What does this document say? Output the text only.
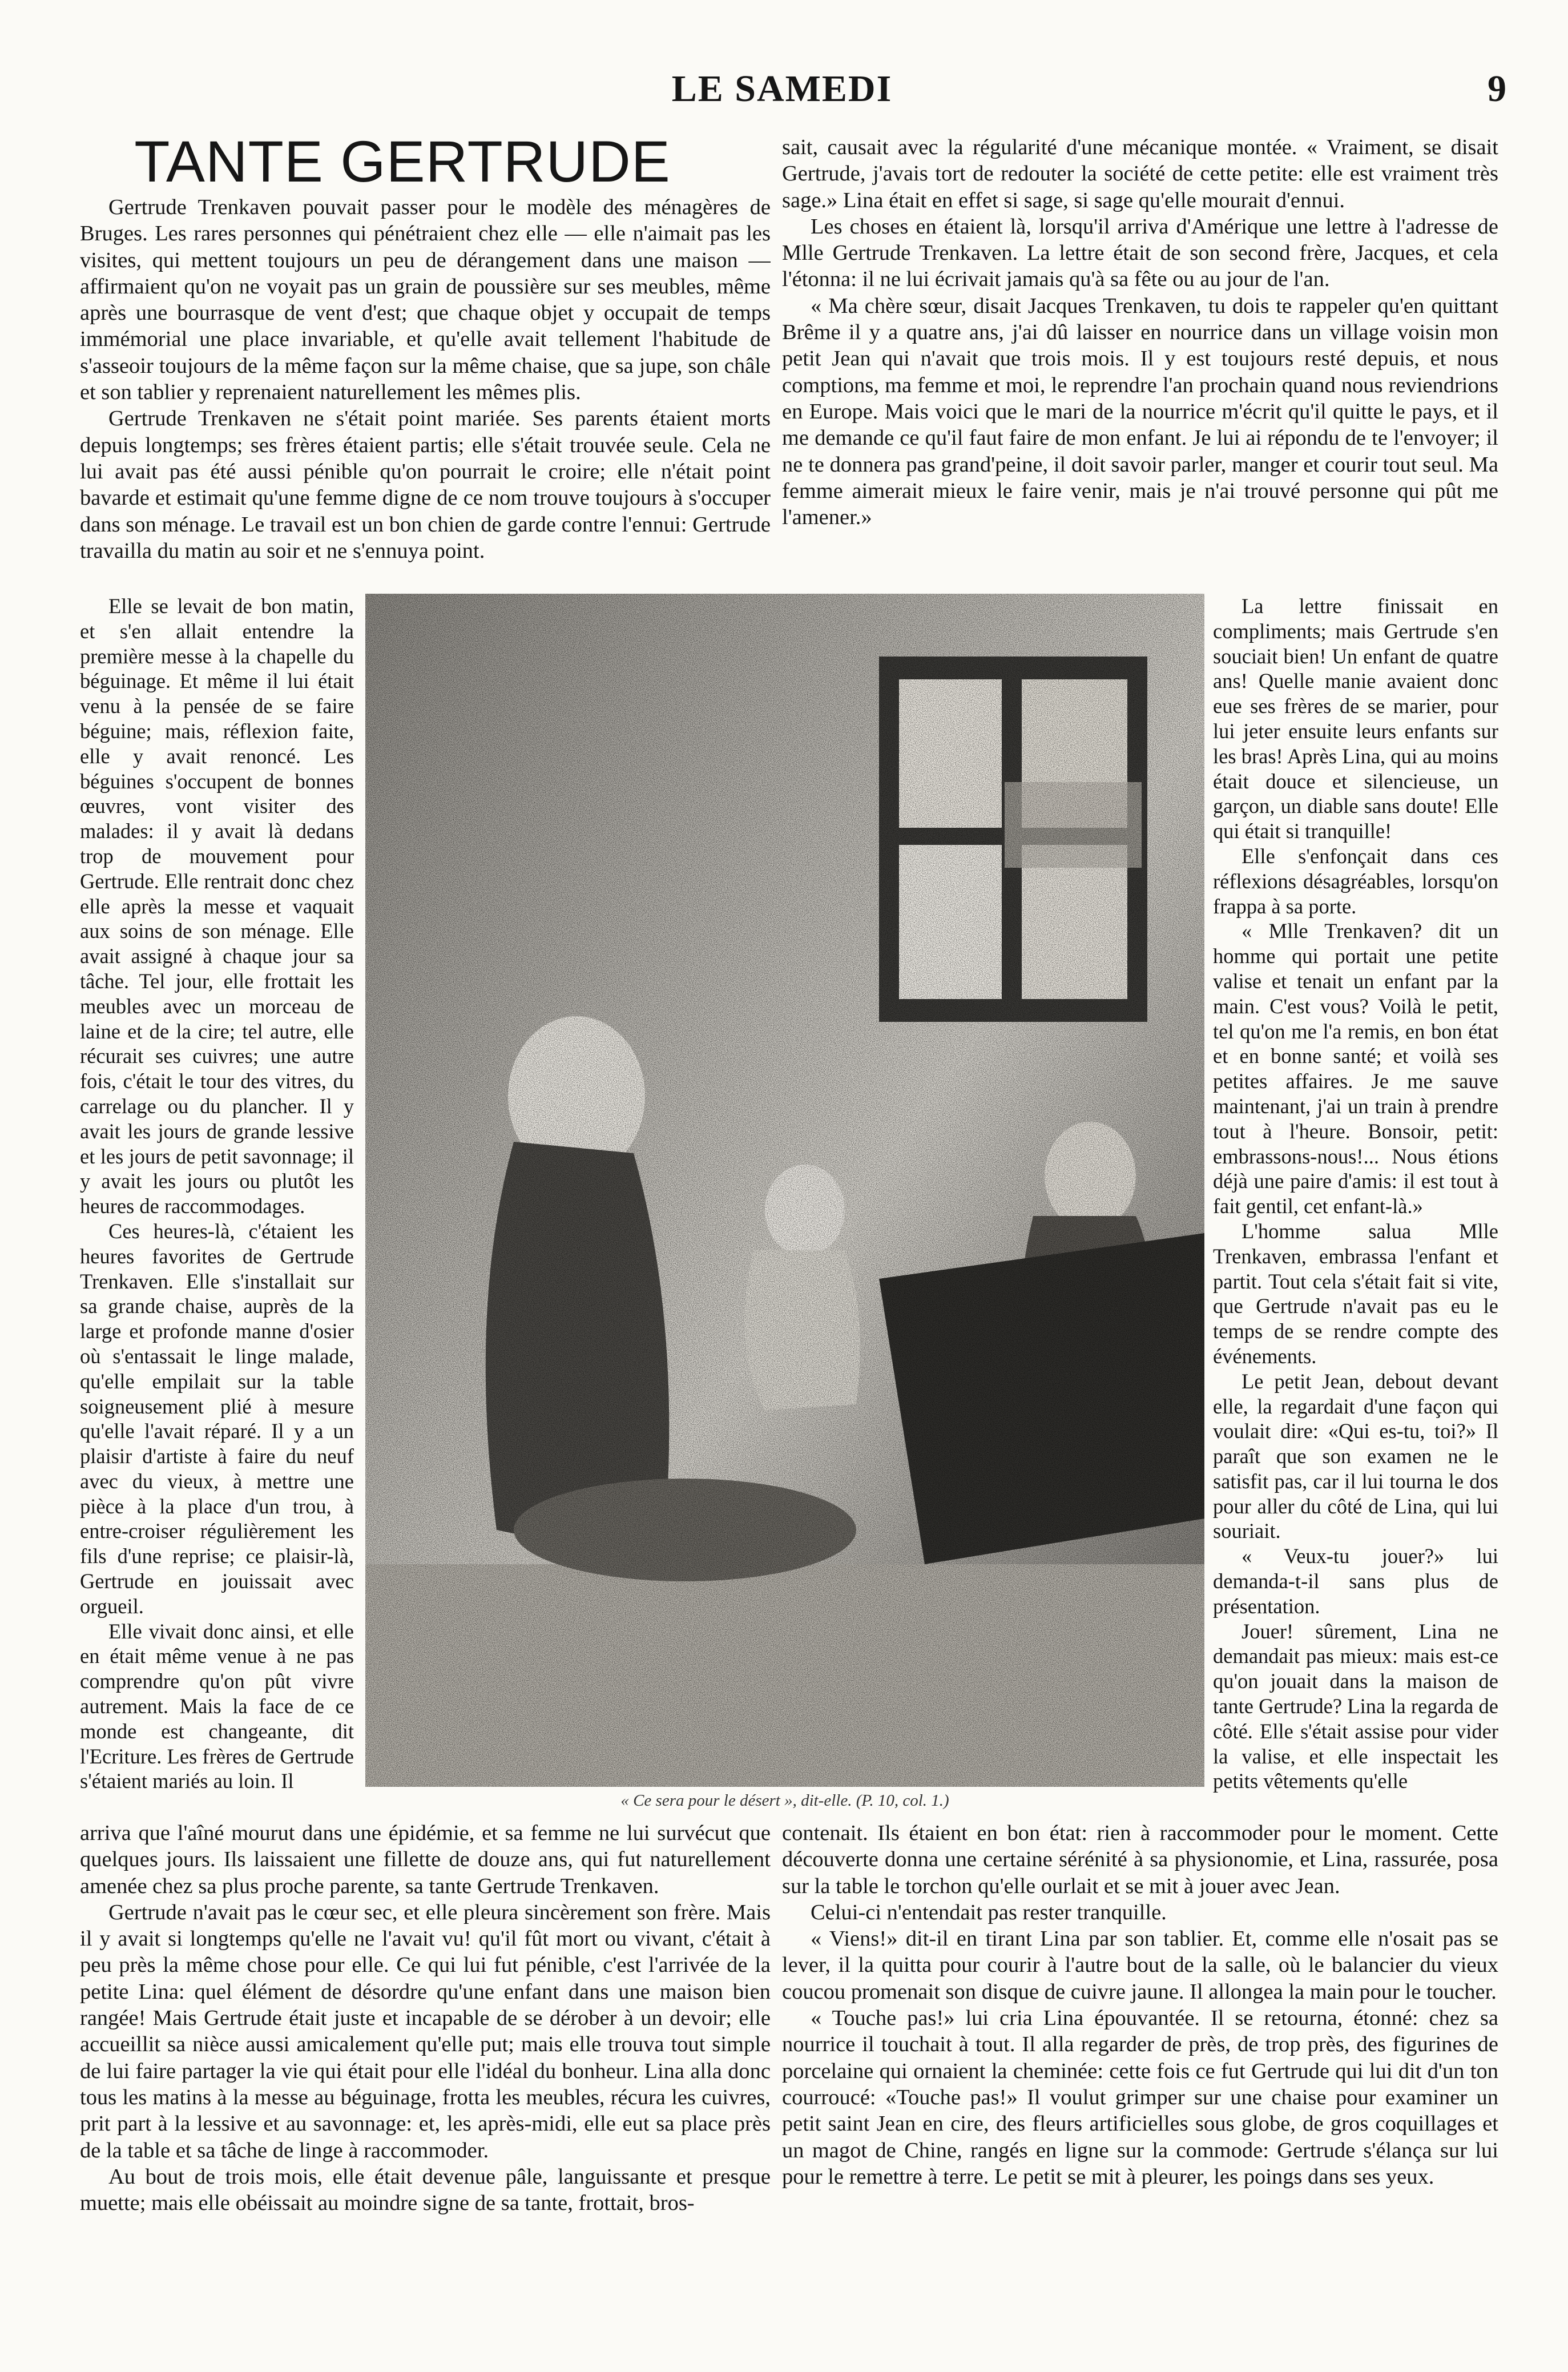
LE SAMEDI	9
TANTE GERTRUDE

Gertrude Trenkaven pouvait passer pour le modèle des ménagères de Bruges. Les rares personnes qui pénétraient chez elle — elle n'aimait pas les visites, qui mettent toujours un peu de dérangement dans une maison — affirmaient qu'on ne voyait pas un grain de poussière sur ses meubles, même après une bourrasque de vent d'est; que chaque objet y occupait de temps immémorial une place invariable, et qu'elle avait tellement l'habitude de s'asseoir toujours de la même façon sur la même chaise, que sa jupe, son châle et son tablier y reprenaient naturellement les mêmes plis.

Gertrude Trenkaven ne s'était point mariée. Ses parents étaient morts depuis longtemps; ses frères étaient partis; elle s'était trouvée seule. Cela ne lui avait pas été aussi pénible qu'on pourrait le croire; elle n'était point bavarde et estimait qu'une femme digne de ce nom trouve toujours à s'occuper dans son ménage. Le travail est un bon chien de garde contre l'ennui: Gertrude travailla du matin au soir et ne s'ennuya point.

Elle se levait de bon matin, et s'en allait entendre la première messe à la chapelle du béguinage. Et même il lui était venu à la pensée de se faire béguine; mais, réflexion faite, elle y avait renoncé. Les béguines s'occupent de bonnes œuvres, vont visiter des malades: il y avait là dedans trop de mouvement pour Gertrude. Elle rentrait donc chez elle après la messe et vaquait aux soins de son ménage. Elle avait assigné à chaque jour sa tâche. Tel jour, elle frottait les meubles avec un morceau de laine et de la cire; tel autre, elle récurait ses cuivres; une autre fois, c'était le tour des vitres, du carrelage ou du plancher. Il y avait les jours de grande lessive et les jours de petit savonnage; il y avait les jours ou plutôt les heures de raccommodages.

Ces heures-là, c'étaient les heures favorites de Gertrude Trenkaven. Elle s'installait sur sa grande chaise, auprès de la large et profonde manne d'osier où s'entassait le linge malade, qu'elle empilait sur la table soigneusement plié à mesure qu'elle l'avait réparé. Il y a un plaisir d'artiste à faire du neuf avec du vieux, à mettre une pièce à la place d'un trou, à entre-croiser régulièrement les fils d'une reprise; ce plaisir-là, Gertrude en jouissait avec orgueil.

Elle vivait donc ainsi, et elle en était même venue à ne pas comprendre qu'on pût vivre autrement. Mais la face de ce monde est changeante, dit l'Ecriture. Les frères de Gertrude s'étaient mariés au loin. Il

« Ce sera pour le désert », dit-elle. (P. 10, col. 1.)

sait, causait avec la régularité d'une mécanique montée. « Vraiment, se disait Gertrude, j'avais tort de redouter la société de cette petite: elle est vraiment très sage.» Lina était en effet si sage, si sage qu'elle mourait d'ennui.

Les choses en étaient là, lorsqu'il arriva d'Amérique une lettre à l'adresse de Mlle Gertrude Trenkaven. La lettre était de son second frère, Jacques, et cela l'étonna: il ne lui écrivait jamais qu'à sa fête ou au jour de l'an.

« Ma chère sœur, disait Jacques Trenkaven, tu dois te rappeler qu'en quittant Brême il y a quatre ans, j'ai dû laisser en nourrice dans un village voisin mon petit Jean qui n'avait que trois mois. Il y est toujours resté depuis, et nous comptions, ma femme et moi, le reprendre l'an prochain quand nous reviendrions en Europe. Mais voici que le mari de la nourrice m'écrit qu'il quitte le pays, et il me demande ce qu'il faut faire de mon enfant. Je lui ai répondu de te l'envoyer; il ne te donnera pas grand'peine, il doit savoir parler, manger et courir tout seul. Ma femme aimerait mieux le faire venir, mais je n'ai trouvé personne qui pût me l'amener.»

La lettre finissait en compliments; mais Gertrude s'en souciait bien! Un enfant de quatre ans! Quelle manie avaient donc eue ses frères de se marier, pour lui jeter ensuite leurs enfants sur les bras! Après Lina, qui au moins était douce et silencieuse, un garçon, un diable sans doute! Elle qui était si tranquille!

Elle s'enfonçait dans ces réflexions désagréables, lorsqu'on frappa à sa porte.

« Mlle Trenkaven? dit un homme qui portait une petite valise et tenait un enfant par la main. C'est vous? Voilà le petit, tel qu'on me l'a remis, en bon état et en bonne santé; et voilà ses petites affaires. Je me sauve maintenant, j'ai un train à prendre tout à l'heure. Bonsoir, petit: embrassons-nous!... Nous étions déjà une paire d'amis: il est tout à fait gentil, cet enfant-là.»

L'homme salua Mlle Trenkaven, embrassa l'enfant et partit. Tout cela s'était fait si vite, que Gertrude n'avait pas eu le temps de se rendre compte des événements.

Le petit Jean, debout devant elle, la regardait d'une façon qui voulait dire: «Qui es-tu, toi?» Il paraît que son examen ne le satisfit pas, car il lui tourna le dos pour aller du côté de Lina, qui lui souriait.

« Veux-tu jouer?» lui demanda-t-il sans plus de présentation.

Jouer! sûrement, Lina ne demandait pas mieux: mais est-ce qu'on jouait dans la maison de tante Gertrude? Lina la regarda de côté. Elle s'était assise pour vider la valise, et elle inspectait les petits vêtements qu'elle

arriva que l'aîné mourut dans une épidémie, et sa femme ne lui survécut que quelques jours. Ils laissaient une fillette de douze ans, qui fut naturellement amenée chez sa plus proche parente, sa tante Gertrude Trenkaven.

Gertrude n'avait pas le cœur sec, et elle pleura sincèrement son frère. Mais il y avait si longtemps qu'elle ne l'avait vu! qu'il fût mort ou vivant, c'était à peu près la même chose pour elle. Ce qui lui fut pénible, c'est l'arrivée de la petite Lina: quel élément de désordre qu'une enfant dans une maison bien rangée! Mais Gertrude était juste et incapable de se dérober à un devoir; elle accueillit sa nièce aussi amicalement qu'elle put; mais elle trouva tout simple de lui faire partager la vie qui était pour elle l'idéal du bonheur. Lina alla donc tous les matins à la messe au béguinage, frotta les meubles, récura les cuivres, prit part à la lessive et au savonnage: et, les après-midi, elle eut sa place près de la table et sa tâche de linge à raccommoder.

Au bout de trois mois, elle était devenue pâle, languissante et presque muette; mais elle obéissait au moindre signe de sa tante, frottait, bros-

contenait. Ils étaient en bon état: rien à raccommoder pour le moment. Cette découverte donna une certaine sérénité à sa physionomie, et Lina, rassurée, posa sur la table le torchon qu'elle ourlait et se mit à jouer avec Jean.

Celui-ci n'entendait pas rester tranquille.

« Viens!» dit-il en tirant Lina par son tablier. Et, comme elle n'osait pas se lever, il la quitta pour courir à l'autre bout de la salle, où le balancier du vieux coucou promenait son disque de cuivre jaune. Il allongea la main pour le toucher.

« Touche pas!» lui cria Lina épouvantée. Il se retourna, étonné: chez sa nourrice il touchait à tout. Il alla regarder de près, de trop près, des figurines de porcelaine qui ornaient la cheminée: cette fois ce fut Gertrude qui lui dit d'un ton courroucé: «Touche pas!» Il voulut grimper sur une chaise pour examiner un petit saint Jean en cire, des fleurs artificielles sous globe, de gros coquillages et un magot de Chine, rangés en ligne sur la commode: Gertrude s'élança sur lui pour le remettre à terre. Le petit se mit à pleurer, les poings dans ses yeux.
